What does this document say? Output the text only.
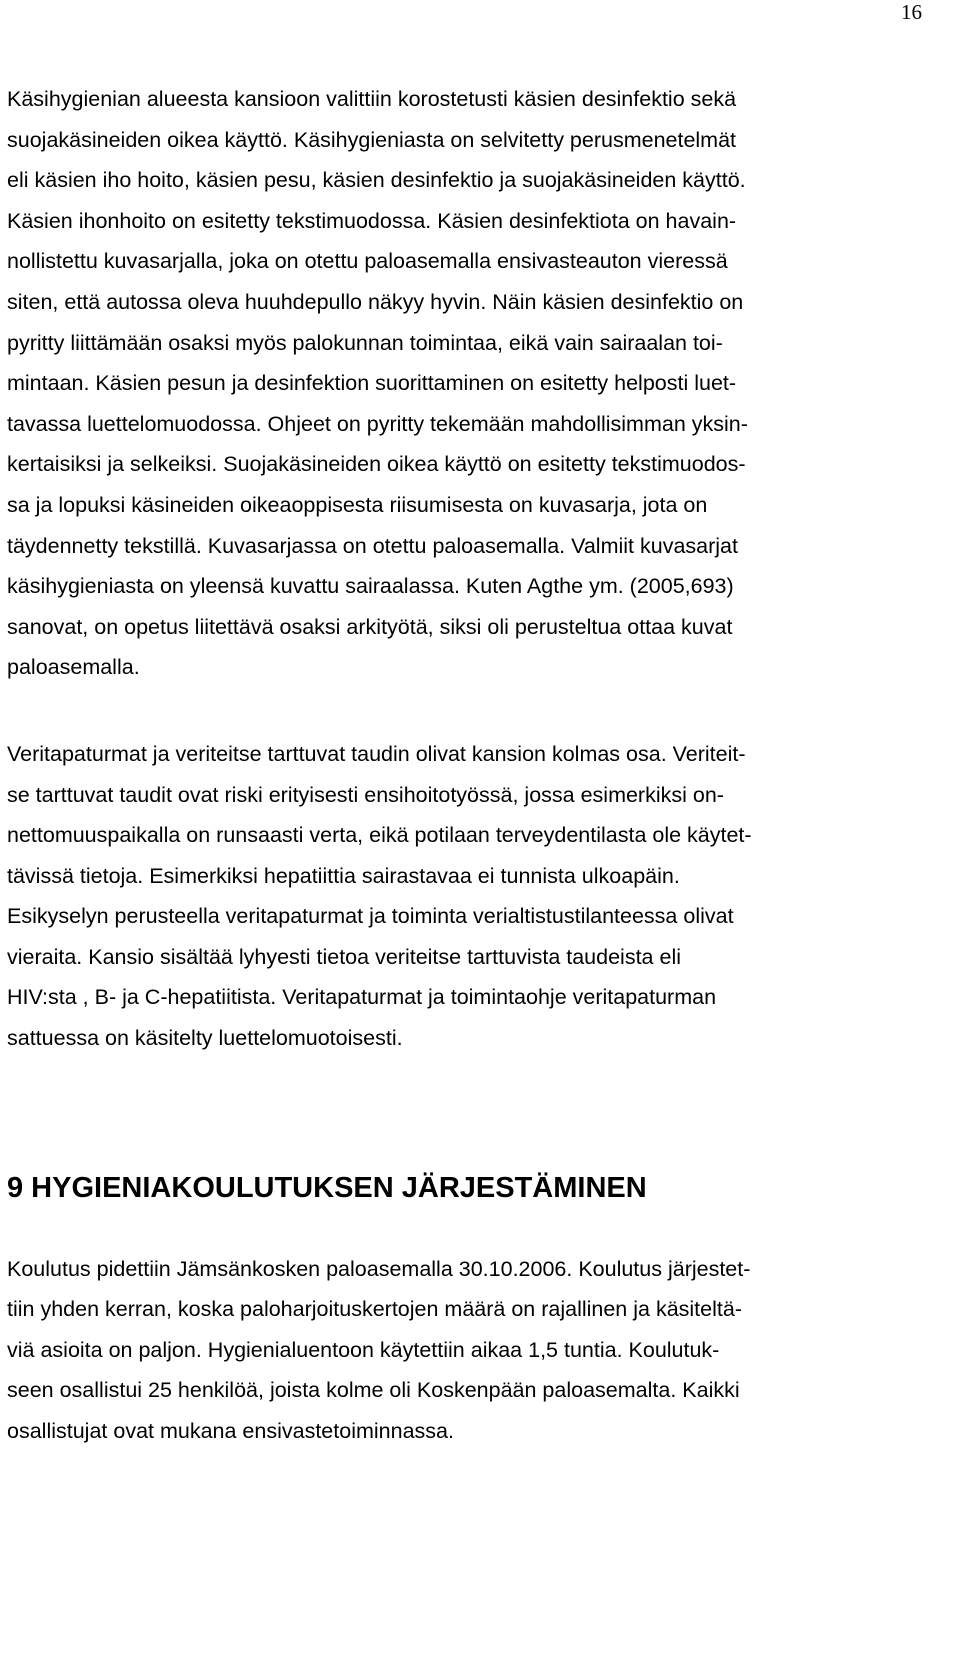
16
Käsihygienian alueesta kansioon valittiin korostetusti käsien desinfektio sekä
suojakäsineiden oikea käyttö. Käsihygieniasta on selvitetty perusmenetelmät
eli käsien iho hoito, käsien pesu, käsien desinfektio ja suojakäsineiden käyttö.
Käsien ihonhoito on esitetty tekstimuodossa. Käsien desinfektiota on havain-
nollistettu kuvasarjalla, joka on otettu paloasemalla ensivasteauton vieressä
siten, että autossa oleva huuhdepullo näkyy hyvin. Näin käsien desinfektio on
pyritty liittämään osaksi myös palokunnan toimintaa, eikä vain sairaalan toi-
mintaan. Käsien pesun ja desinfektion suorittaminen on esitetty helposti luet-
tavassa luettelomuodossa. Ohjeet on pyritty tekemään mahdollisimman yksin-
kertaisiksi ja selkeiksi. Suojakäsineiden oikea käyttö on esitetty tekstimuodos-
sa ja lopuksi käsineiden oikeaoppisesta riisumisesta on kuvasarja, jota on
täydennetty tekstillä. Kuvasarjassa on otettu paloasemalla. Valmiit kuvasarjat
käsihygieniasta on yleensä kuvattu sairaalassa. Kuten Agthe ym. (2005,693)
sanovat, on opetus liitettävä osaksi arkityötä, siksi oli perusteltua ottaa kuvat
paloasemalla.
Veritapaturmat ja veriteitse tarttuvat taudin olivat kansion kolmas osa. Veriteit-
se tarttuvat taudit ovat riski erityisesti ensihoitotyössä, jossa esimerkiksi on-
nettomuuspaikalla on runsaasti verta, eikä potilaan terveydentilasta ole käytet-
tävissä tietoja. Esimerkiksi hepatiittia sairastavaa ei tunnista ulkoapäin.
Esikyselyn perusteella veritapaturmat ja toiminta verialtistustilanteessa olivat
vieraita. Kansio sisältää lyhyesti tietoa veriteitse tarttuvista taudeista eli
HIV:sta , B- ja C-hepatiitista. Veritapaturmat ja toimintaohje veritapaturman
sattuessa on käsitelty luettelomuotoisesti.
9 HYGIENIAKOULUTUKSEN JÄRJESTÄMINEN
Koulutus pidettiin Jämsänkosken paloasemalla 30.10.2006. Koulutus järjestet-
tiin yhden kerran, koska paloharjoituskertojen määrä on rajallinen ja käsiteltä-
viä asioita on paljon. Hygienialuentoon käytettiin aikaa 1,5 tuntia. Koulutuk-
seen osallistui 25 henkilöä, joista kolme oli Koskenpään paloasemalta. Kaikki
osallistujat ovat mukana ensivastetoiminnassa.
